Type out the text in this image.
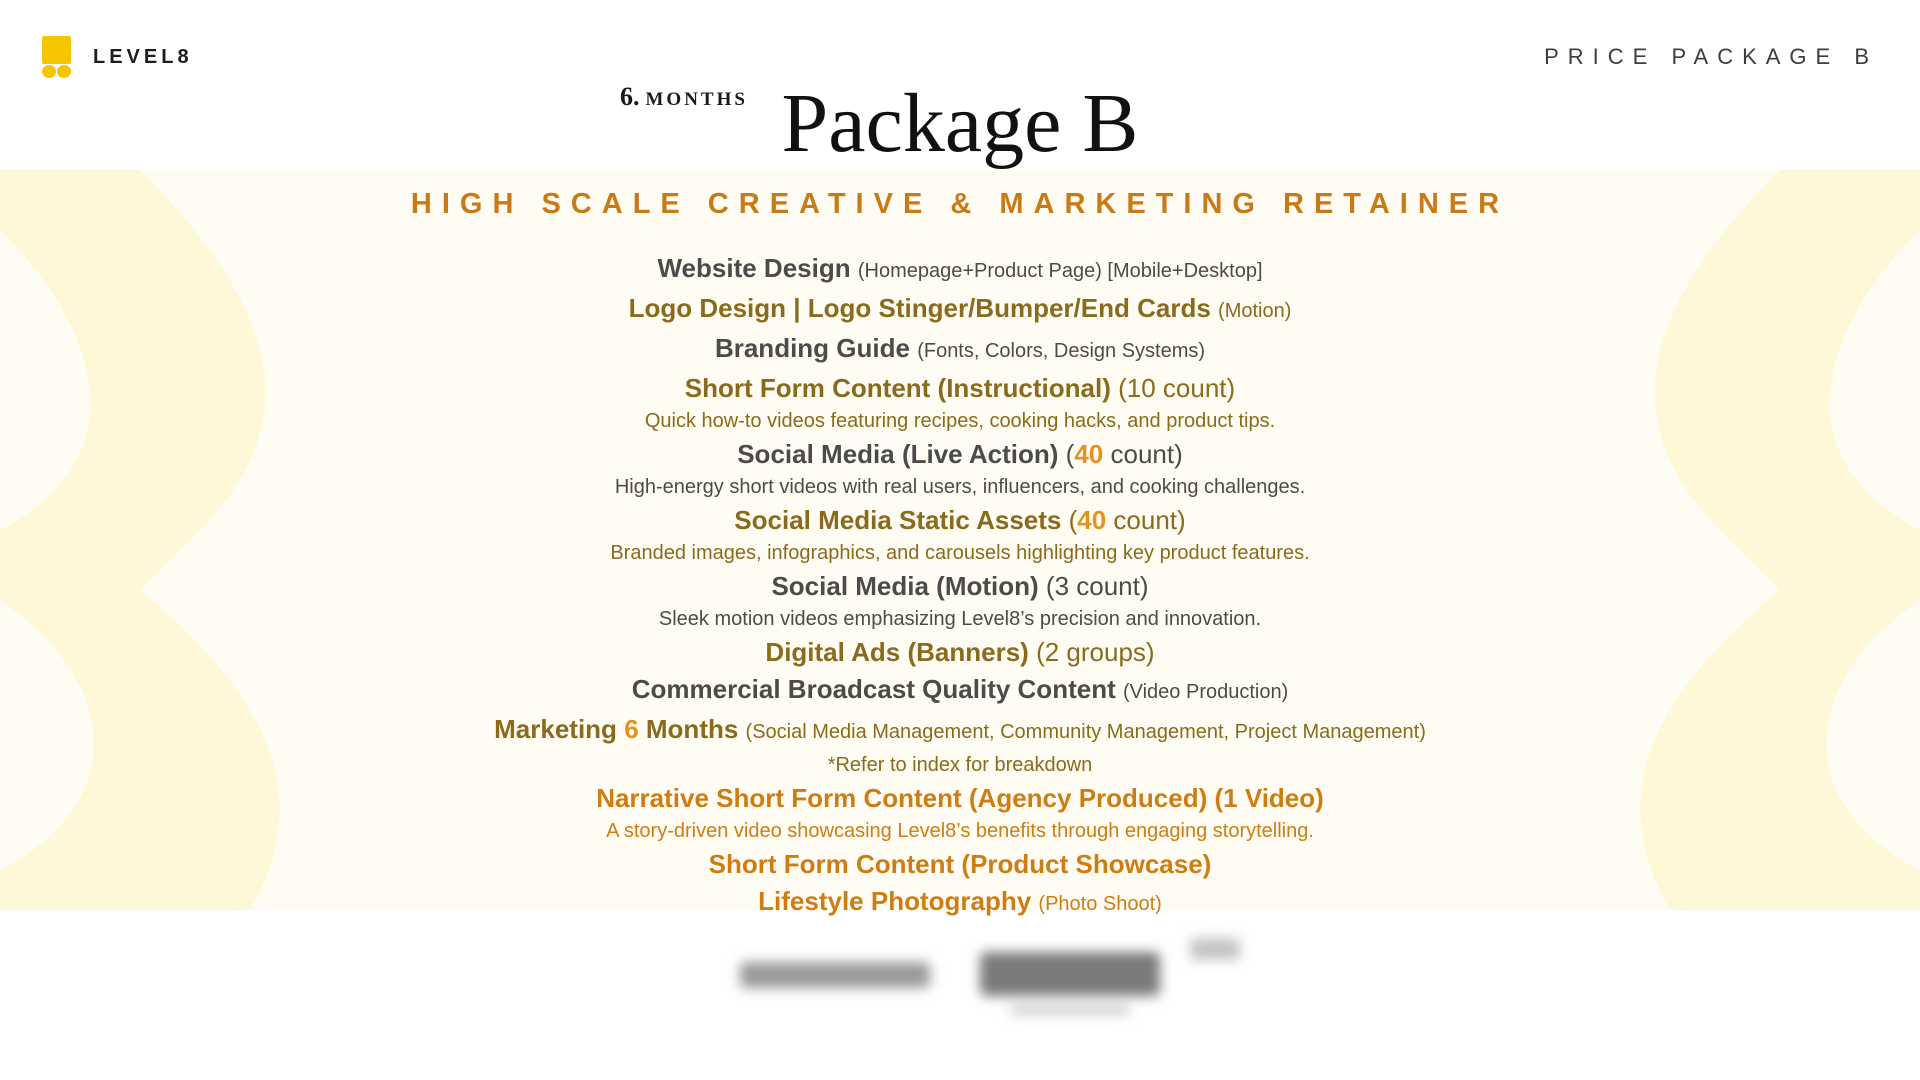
LEVEL8	PRICE PACKAGE B
6. MONTHS Package B
HIGH SCALE CREATIVE & MARKETING RETAINER

Website Design (Homepage+Product Page) [Mobile+Desktop]

Logo Design | Logo Stinger/Bumper/End Cards (Motion)

Branding Guide (Fonts, Colors, Design Systems)

Short Form Content (Instructional) (10 count)

Quick how-to videos featuring recipes, cooking hacks, and product tips.

Social Media (Live Action) (40 count)

High-energy short videos with real users, influencers, and cooking challenges.

Social Media Static Assets (40 count)

Branded images, infographics, and carousels highlighting key product features.

Social Media (Motion) (3 count)

Sleek motion videos emphasizing Level8’s precision and innovation.

Digital Ads (Banners) (2 groups)

Commercial Broadcast Quality Content (Video Production)

Marketing 6 Months (Social Media Management, Community Management, Project Management)

*Refer to index for breakdown

Narrative Short Form Content (Agency Produced) (1 Video)

A story-driven video showcasing Level8’s benefits through engaging storytelling.

Short Form Content (Product Showcase)

Lifestyle Photography (Photo Shoot)
